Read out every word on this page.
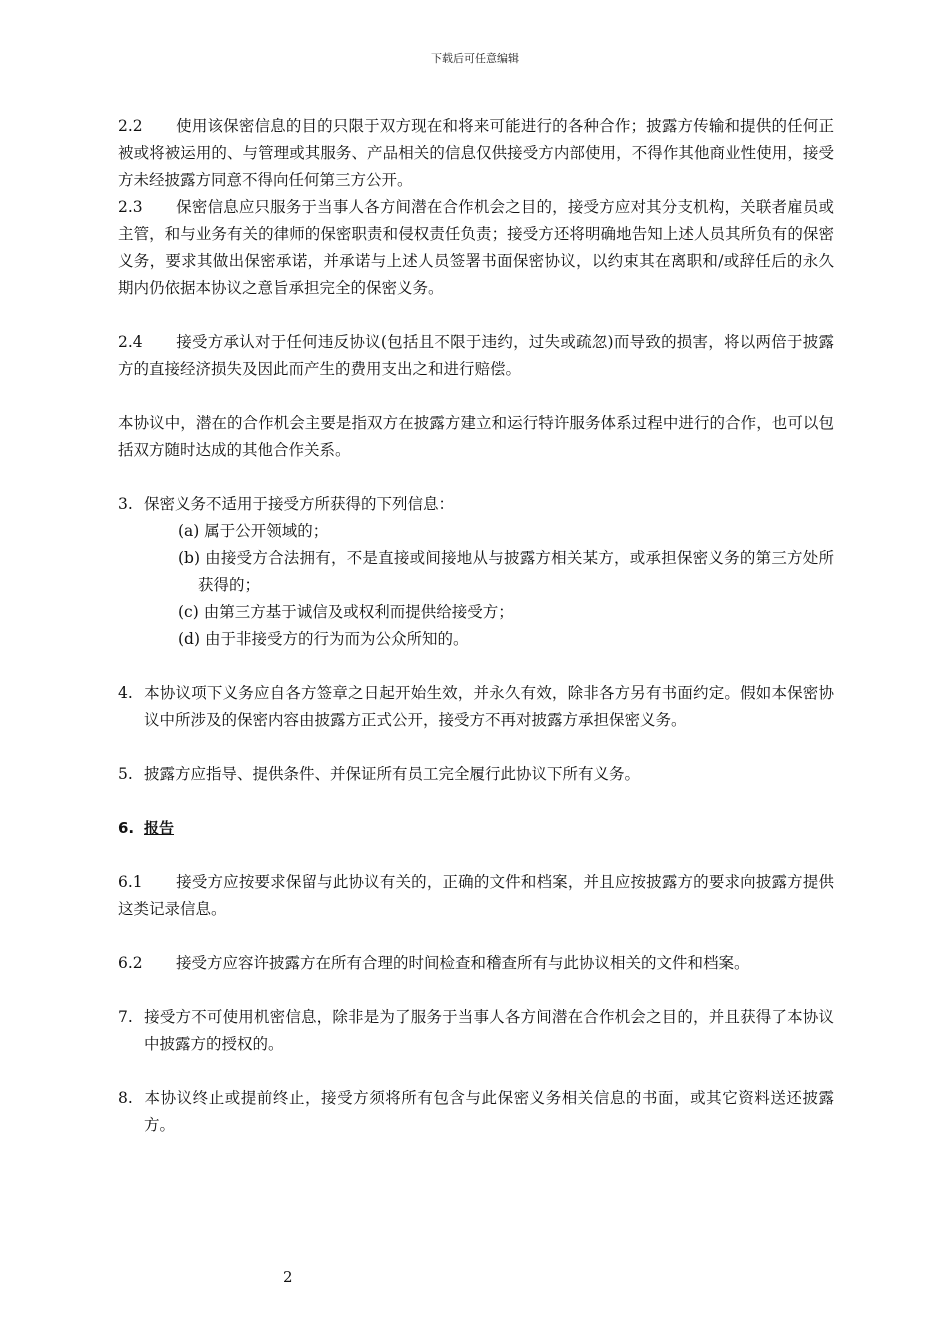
下载后可任意编辑

2.2 使用该保密信息的目的只限于双方现在和将来可能进行的各种合作；披露方传输和提供的任何正被或将被运用的、与管理或其服务、产品相关的信息仅供接受方内部使用，不得作其他商业性使用，接受方未经披露方同意不得向任何第三方公开。

2.3 保密信息应只服务于当事人各方间潜在合作机会之目的，接受方应对其分支机构，关联者雇员或主管，和与业务有关的律师的保密职责和侵权责任负责；接受方还将明确地告知上述人员其所负有的保密义务，要求其做出保密承诺，并承诺与上述人员签署书面保密协议，以约束其在离职和/或辞任后的永久期内仍依据本协议之意旨承担完全的保密义务。

2.4 接受方承认对于任何违反协议(包括且不限于违约，过失或疏忽)而导致的损害，将以两倍于披露方的直接经济损失及因此而产生的费用支出之和进行赔偿。

本协议中，潜在的合作机会主要是指双方在披露方建立和运行特许服务体系过程中进行的合作，也可以包括双方随时达成的其他合作关系。

3. 保密义务不适用于接受方所获得的下列信息：

(a) 属于公开领域的；

(b) 由接受方合法拥有，不是直接或间接地从与披露方相关某方，或承担保密义务的第三方处所获得的；

(c) 由第三方基于诚信及或权利而提供给接受方；

(d) 由于非接受方的行为而为公众所知的。

4. 本协议项下义务应自各方签章之日起开始生效，并永久有效，除非各方另有书面约定。假如本保密协议中所涉及的保密内容由披露方正式公开，接受方不再对披露方承担保密义务。

5. 披露方应指导、提供条件、并保证所有员工完全履行此协议下所有义务。

6. 报告

6.1 接受方应按要求保留与此协议有关的，正确的文件和档案，并且应按披露方的要求向披露方提供这类记录信息。

6.2 接受方应容许披露方在所有合理的时间检查和稽查所有与此协议相关的文件和档案。

7. 接受方不可使用机密信息，除非是为了服务于当事人各方间潜在合作机会之目的，并且获得了本协议中披露方的授权的。

8. 本协议终止或提前终止，接受方须将所有包含与此保密义务相关信息的书面，或其它资料送还披露方。

2
